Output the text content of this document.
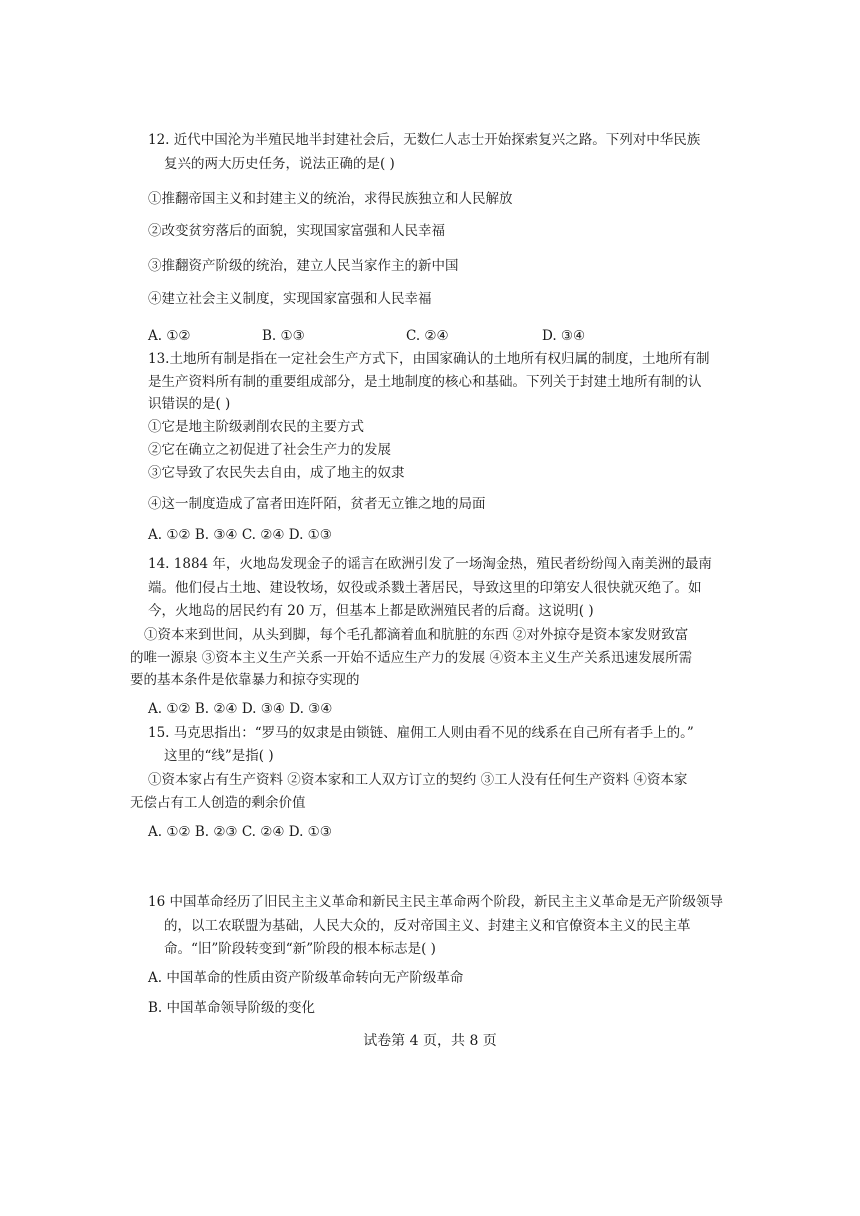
12. 近代中国沦为半殖民地半封建社会后，无数仁人志士开始探索复兴之路。下列对中华民族
复兴的两大历史任务，说法正确的是( )
①推翻帝国主义和封建主义的统治，求得民族独立和人民解放
②改变贫穷落后的面貌，实现国家富强和人民幸福
③推翻资产阶级的统治，建立人民当家作主的新中国
④建立社会主义制度，实现国家富强和人民幸福
A. ①②	B. ①③	C. ②④	D. ③④
13.土地所有制是指在一定社会生产方式下，由国家确认的土地所有权归属的制度，土地所有制
是生产资料所有制的重要组成部分，是土地制度的核心和基础。下列关于封建土地所有制的认
识错误的是( )
①它是地主阶级剥削农民的主要方式
②它在确立之初促进了社会生产力的发展
③它导致了农民失去自由，成了地主的奴隶
④这一制度造成了富者田连阡陌，贫者无立锥之地的局面
A. ①② B. ③④ C. ②④ D. ①③
14. 1884 年，火地岛发现金子的谣言在欧洲引发了一场淘金热，殖民者纷纷闯入南美洲的最南
端。他们侵占土地、建设牧场，奴役或杀戮土著居民，导致这里的印第安人很快就灭绝了。如
今，火地岛的居民约有 20 万，但基本上都是欧洲殖民者的后裔。这说明( )
①资本来到世间，从头到脚，每个毛孔都滴着血和肮脏的东西 ②对外掠夺是资本家发财致富
的唯一源泉 ③资本主义生产关系一开始不适应生产力的发展 ④资本主义生产关系迅速发展所需
要的基本条件是依靠暴力和掠夺实现的
A. ①② B. ②④ D. ③④ D. ③④
15. 马克思指出：“罗马的奴隶是由锁链、雇佣工人则由看不见的线系在自己所有者手上的。”
这里的“线”是指( )
①资本家占有生产资料 ②资本家和工人双方订立的契约 ③工人没有任何生产资料 ④资本家
无偿占有工人创造的剩余价值
A. ①② B. ②③ C. ②④ D. ①③
16 中国革命经历了旧民主主义革命和新民主民主革命两个阶段，新民主主义革命是无产阶级领导
的，以工农联盟为基础，人民大众的，反对帝国主义、封建主义和官僚资本主义的民主革
命。“旧”阶段转变到“新”阶段的根本标志是( )
A. 中国革命的性质由资产阶级革命转向无产阶级革命
B. 中国革命领导阶级的变化
试卷第 4 页，共 8 页
